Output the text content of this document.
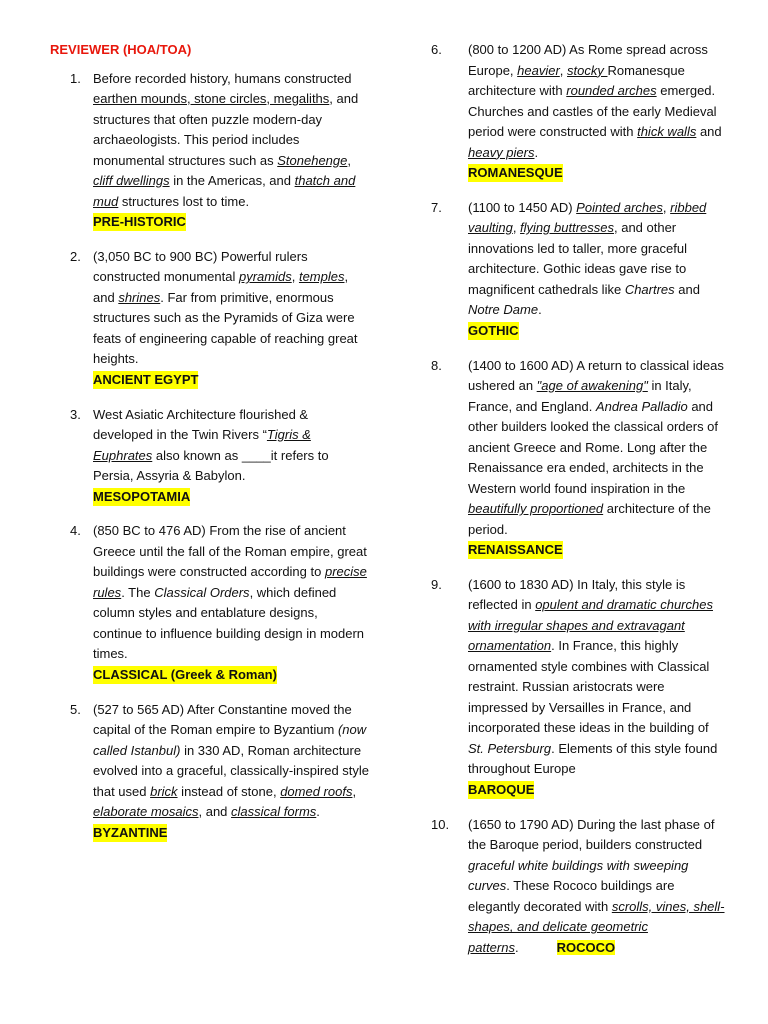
REVIEWER (HOA/TOA)
1. Before recorded history, humans constructed earthen mounds, stone circles, megaliths, and structures that often puzzle modern-day archaeologists. This period includes monumental structures such as Stonehenge, cliff dwellings in the Americas, and thatch and mud structures lost to time.
PRE-HISTORIC
2. (3,050 BC to 900 BC) Powerful rulers constructed monumental pyramids, temples, and shrines. Far from primitive, enormous structures such as the Pyramids of Giza were feats of engineering capable of reaching great heights.
ANCIENT EGYPT
3. West Asiatic Architecture flourished & developed in the Twin Rivers “Tigris & Euphrates also known as ____it refers to Persia, Assyria & Babylon.
MESOPOTAMIA
4. (850 BC to 476 AD) From the rise of ancient Greece until the fall of the Roman empire, great buildings were constructed according to precise rules. The Classical Orders, which defined column styles and entablature designs, continue to influence building design in modern times.
CLASSICAL (Greek & Roman)
5. (527 to 565 AD) After Constantine moved the capital of the Roman empire to Byzantium (now called Istanbul) in 330 AD, Roman architecture evolved into a graceful, classically-inspired style that used brick instead of stone, domed roofs, elaborate mosaics, and classical forms.
BYZANTINE
6.	(800 to 1200 AD) As Rome spread across Europe, heavier, stocky Romanesque architecture with rounded arches emerged. Churches and castles of the early Medieval period were constructed with thick walls and heavy piers.
ROMANESQUE
7.	(1100 to 1450 AD) Pointed arches, ribbed vaulting, flying buttresses, and other innovations led to taller, more graceful architecture. Gothic ideas gave rise to magnificent cathedrals like Chartres and Notre Dame.
GOTHIC
8.	(1400 to 1600 AD) A return to classical ideas ushered an "age of awakening" in Italy, France, and England. Andrea Palladio and other builders looked the classical orders of ancient Greece and Rome. Long after the Renaissance era ended, architects in the Western world found inspiration in the beautifully proportioned architecture of the period.
RENAISSANCE
9.	(1600 to 1830 AD) In Italy, this style is reflected in opulent and dramatic churches with irregular shapes and extravagant ornamentation. In France, this highly ornamented style combines with Classical restraint. Russian aristocrats were impressed by Versailles in France, and incorporated these ideas in the building of St. Petersburg. Elements of this style found throughout Europe
BAROQUE
10.	(1650 to 1790 AD) During the last phase of the Baroque period, builders constructed graceful white buildings with sweeping curves. These Rococo buildings are elegantly decorated with scrolls, vines, shell-shapes, and delicate geometric patterns.	ROCOCO
